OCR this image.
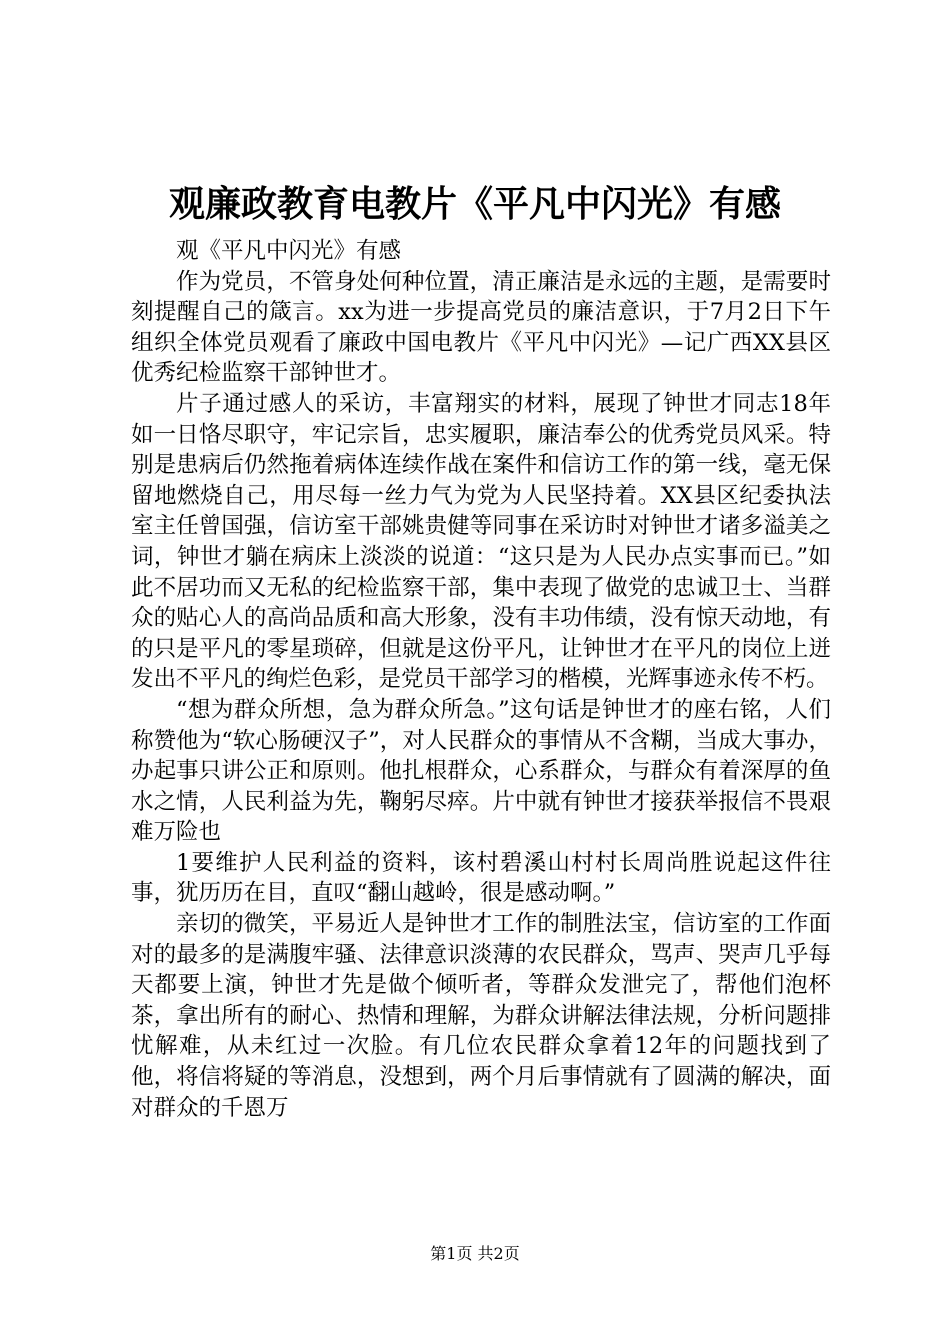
观廉政教育电教片《平凡中闪光》有感

观《平凡中闪光》有感

作为党员，不管身处何种位置，清正廉洁是永远的主题，是需要时刻提醒自己的箴言。xx为进一步提高党员的廉洁意识，于7月2日下午组织全体党员观看了廉政中国电教片《平凡中闪光》—记广西XX县区优秀纪检监察干部钟世才。

片子通过感人的采访，丰富翔实的材料，展现了钟世才同志18年如一日恪尽职守，牢记宗旨，忠实履职，廉洁奉公的优秀党员风采。特别是患病后仍然拖着病体连续作战在案件和信访工作的第一线，毫无保留地燃烧自己，用尽每一丝力气为党为人民坚持着。XX县区纪委执法室主任曾国强，信访室干部姚贵健等同事在采访时对钟世才诸多溢美之词，钟世才躺在病床上淡淡的说道：“这只是为人民办点实事而已。”如此不居功而又无私的纪检监察干部，集中表现了做党的忠诚卫士、当群众的贴心人的高尚品质和高大形象，没有丰功伟绩，没有惊天动地，有的只是平凡的零星琐碎，但就是这份平凡，让钟世才在平凡的岗位上迸发出不平凡的绚烂色彩，是党员干部学习的楷模，光辉事迹永传不朽。

“想为群众所想，急为群众所急。”这句话是钟世才的座右铭，人们称赞他为“软心肠硬汉子”，对人民群众的事情从不含糊，当成大事办，办起事只讲公正和原则。他扎根群众，心系群众，与群众有着深厚的鱼水之情，人民利益为先，鞠躬尽瘁。片中就有钟世才接获举报信不畏艰难万险也

1要维护人民利益的资料，该村碧溪山村村长周尚胜说起这件往事，犹历历在目，直叹“翻山越岭，很是感动啊。”

亲切的微笑，平易近人是钟世才工作的制胜法宝，信访室的工作面对的最多的是满腹牢骚、法律意识淡薄的农民群众，骂声、哭声几乎每天都要上演，钟世才先是做个倾听者，等群众发泄完了，帮他们泡杯茶，拿出所有的耐心、热情和理解，为群众讲解法律法规，分析问题排忧解难，从未红过一次脸。有几位农民群众拿着12年的问题找到了他，将信将疑的等消息，没想到，两个月后事情就有了圆满的解决，面对群众的千恩万

第1页 共2页
